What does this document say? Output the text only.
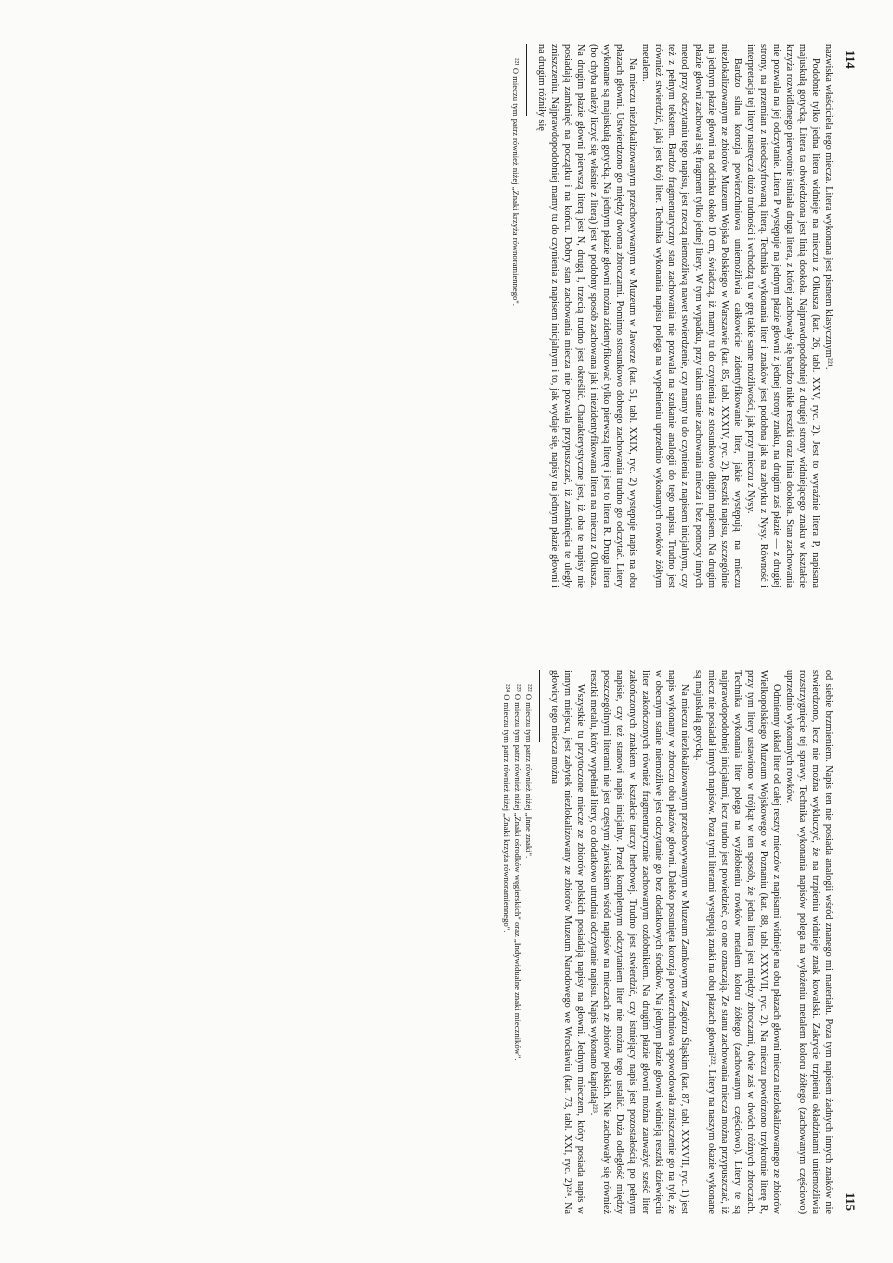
114

nazwiska właściciela tego miecza. Litera wykonana jest pismem klasycznym²²¹.

Podobnie tylko jedna litera widnieje na mieczu z Olkusza (kat. 26, tabl. XXV, ryc. 2). Jest to wyraźnie litera P, napisana majuskułą gotycką. Litera ta obwiedziona jest linią dookoła. Najprawdopodobniej z drugiej strony widniejącego znaku w kształcie krzyża rozwidlonego pierwotnie istniała druga litera, z której zachowały się bardzo nikłe resztki oraz linia dookoła. Stan zachowania nie pozwala na jej odczytanie. Litera P występuje na jednym płazie głowni z jednej strony znaku, na drugim zaś płazie — z drugiej strony, na przemian z nieodszyfrowaną literą. Technika wykonania liter i znaków jest podobna jak na zabytku z Nysy. Równość i interpretacja tej litery nastręcza dużo trudności i wchodzą tu w grę takie same możliwości, jak przy mieczu z Nysy.

Bardzo silna korozja powierzchniowa uniemożliwia całkowicie zidentyfikowanie liter, jakie występują na mieczu niezlokalizowanym ze zbiorów Muzeum Wojska Polskiego w Warszawie (kat. 85, tabl. XXXIV, ryc. 2). Resztki napisu, szczególnie na jednym płazie głowni na odcinku około 10 cm, świadczą, iż mamy tu do czynienia ze stosunkowo długim napisem. Na drugim płazie głowni zachował się fragment tylko jednej litery. W tym wypadku, przy takim stanie zachowania miecza i bez pomocy innych metod przy odczytaniu tego napisu, jest rzeczą niemożliwą nawet stwierdzenie, czy mamy tu do czynienia z napisem inicjalnym, czy też z pełnym tekstem. Bardzo fragmentaryczny stan zachowania nie pozwala na szukanie analogii do tego napisu. Trudno jest również stwierdzić, jaki jest krój liter. Technika wykonania napisu polega na wypełnieniu uprzednio wykonanych rowków żółtym metalem.

Na mieczu niezlokalizowanym przechowywanym w Muzeum w Jaworze (kat. 51, tabl. XXIX, ryc. 2) występuje napis na obu płazach głowni. Ustwierdzono go między dwoma zbroczami. Pomimo stosunkowo dobrego zachowania trudno go odczytać. Litery wykonane są majuskułą gotycką. Na jednym płazie głowni można zidentyfikować tylko pierwszą literę i jest to litera R. Druga litera (bo chyba należy liczyć się właśnie z literą) jest w podobny sposób zachowana jak i niezidentyfikowana litera na mieczu z Olkusza. Na drugim płazie głowni pierwszą literą jest N, drugą I, trzecią trudno jest określić. Charakterystyczne jest, iż oba te napisy nie posiadają zamknięć na początku i na końcu. Dobry stan zachowania miecza nie pozwala przypuszczać, iż zamknięcia te uległy zniszczeniu. Najprawdopodobniej mamy tu do czynienia z napisem inicjalnym i to, jak wydaje się, napisy na jednym płazie głowni i na drugim różniły się

²²¹ O mieczu tym patrz również niżej „Znaki krzyża równoramiennego".

115

od siebie brzmieniem. Napis ten nie posiada analogii wśród znanego mi materiału. Poza tym napisem żadnych innych znaków nie stwierdzono, lecz nie można wykluczyć, że na trzpieniu widnieje znak kowalski. Zakrycie trzpienia okładzinami uniemożliwia rozstrzygnięcie tej sprawy. Technika wykonania napisów polega na wyłożeniu metalem koloru żółtego (zachowanym częściowo) uprzednio wykonanych rowków.

Odmienny układ liter od całej reszty mieczów z napisami widnieje na obu płazach głowni miecza niezlokalizowanego ze zbiorów Wielkopolskiego Muzeum Wojskowego w Poznaniu (kat. 88, tabl. XXXVII, ryc. 2). Na mieczu powtórzono trzykrotnie literę R, przy tym litery ustawiono w trójkąt w ten sposób, że jedna litera jest między zbroczami, dwie zaś w dwóch różnych zbroczach. Technika wykonania liter polega na wyżłobieniu rowków metalem koloru żółtego (zachowanym częściowo). Litery te są najprawdopodobniej inicjałami, lecz trudno jest powiedzieć, co one oznaczają. Ze stanu zachowania miecza można przypuszczać, iż miecz nie posiadał innych napisów. Poza tymi literami występują znaki na obu płazach głowni²²². Litery na naszym okazie wykonane są majuskułą gotycką.

Na mieczu niezlokalizowanym przechowywanym w Muzeum Zamkowym w Zagórzu Śląskim (kat. 87, tabl. XXXVII, ryc. 1) jest napis wykonany w zbroczu obu płazów głowni. Daleko posunięta korozja powierzchniowa spowodowała zniszczenie go na tyle, że w obecnym stanie niemożliwe jest odczytanie go bez dodatkowych środków. Na jednym płazie głowni widnieją resztki dziewięciu liter zakończonych również fragmentarycznie zachowanym ozdobnikiem. Na drugim płazie głowni można zauważyć sześć liter zakończonych znakiem w kształcie tarczy herbowej. Trudno jest stwierdzić, czy istniejący napis jest pozostałością po pełnym napisie, czy też stanowi napis inicjalny. Przed kompletnym odczytaniem liter nie można tego ustalić. Duża odległość między poszczególnymi literami nie jest częstym zjawiskiem wśród napisów na mieczach ze zbiorów polskich. Nie zachowały się również resztki metalu, który wypełniał litery, co dodatkowo utrudnia odczytanie napisu. Napis wykonano kapitałą²²³.

Wszystkie tu przytoczone miecze ze zbiorów polskich posiadają napisy na głowni. Jednym mieczem, który posiada napis w innym miejscu, jest zabytek niezlokalizowany ze zbiorów Muzeum Narodowego we Wrocławiu (kat. 73, tabl. XXI, ryc. 2)²²⁴. Na głowicy tego miecza można

²²² O mieczu tym patrz również niżej „Inne znaki".

²²³ O mieczu tym patrz również niżej „Znaki ośrodków węgierskich" oraz „Indywidualne znaki mieczników".

²²⁴ O mieczu tym patrz również niżej „Znaki krzyża równoramiennego".
